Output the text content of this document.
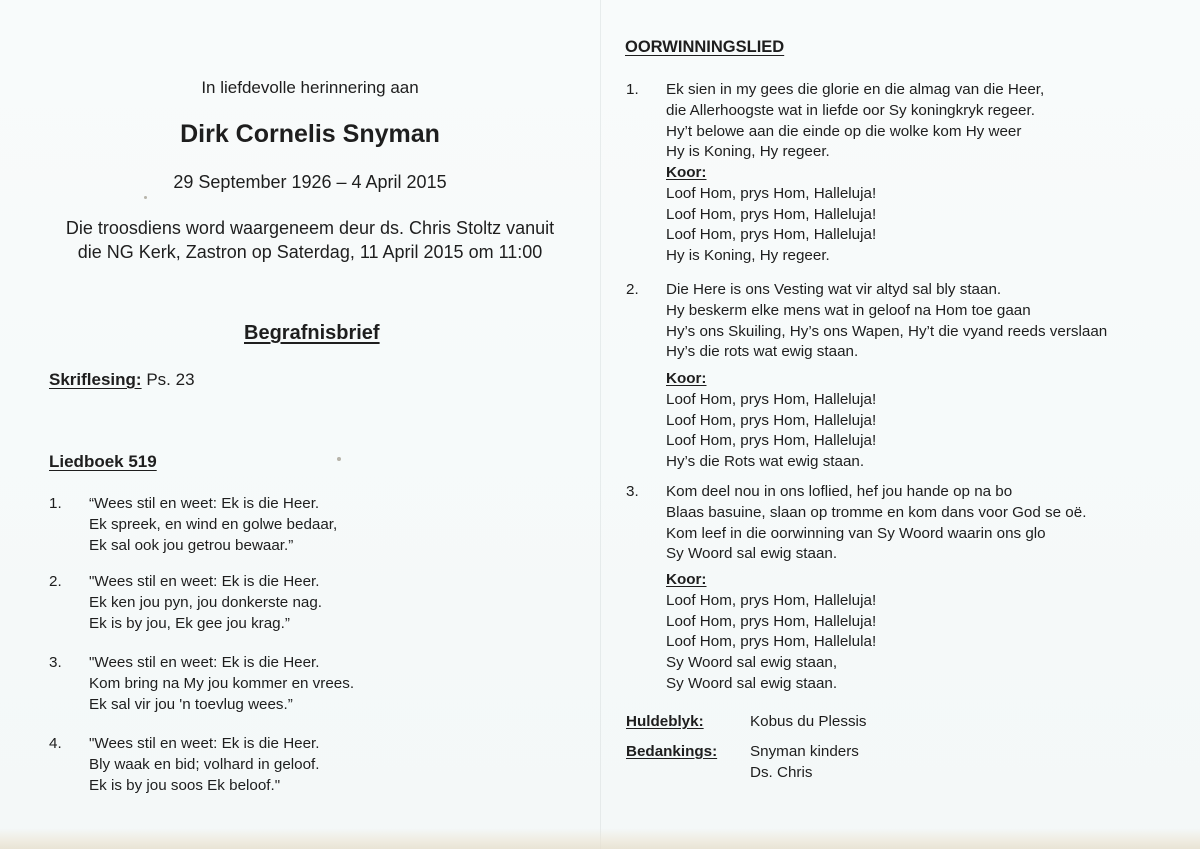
In liefdevolle herinnering aan
Dirk Cornelis Snyman
29 September 1926 – 4 April 2015
Die troosdiens word waargeneem deur ds. Chris Stoltz vanuit
die NG Kerk, Zastron op Saterdag, 11 April 2015 om 11:00
Begrafnisbrief
Skriflesing: Ps. 23
Liedboek 519
1. “Wees stil en weet: Ek is die Heer.
Ek spreek, en wind en golwe bedaar,
Ek sal ook jou getrou bewaar.”
2. "Wees stil en weet: Ek is die Heer.
Ek ken jou pyn, jou donkerste nag.
Ek is by jou, Ek gee jou krag.”
3. "Wees stil en weet: Ek is die Heer.
Kom bring na My jou kommer en vrees.
Ek sal vir jou 'n toevlug wees.”
4. "Wees stil en weet: Ek is die Heer.
Bly waak en bid; volhard in geloof.
Ek is by jou soos Ek beloof."
OORWINNINGSLIED
1. Ek sien in my gees die glorie en die almag van die Heer,
die Allerhoogste wat in liefde oor Sy koningkryk regeer.
Hy’t belowe aan die einde op die wolke kom Hy weer
Hy is Koning, Hy regeer.
Koor:
Loof Hom, prys Hom, Halleluja!
Loof Hom, prys Hom, Halleluja!
Loof Hom, prys Hom, Halleluja!
Hy is Koning, Hy regeer.
2. Die Here is ons Vesting wat vir altyd sal bly staan.
Hy beskerm elke mens wat in geloof na Hom toe gaan
Hy’s ons Skuiling, Hy’s ons Wapen, Hy’t die vyand reeds verslaan
Hy’s die rots wat ewig staan.
Koor:
Loof Hom, prys Hom, Halleluja!
Loof Hom, prys Hom, Halleluja!
Loof Hom, prys Hom, Halleluja!
Hy’s die Rots wat ewig staan.
3. Kom deel nou in ons loflied, hef jou hande op na bo
Blaas basuine, slaan op tromme en kom dans voor God se oë.
Kom leef in die oorwinning van Sy Woord waarin ons glo
Sy Woord sal ewig staan.
Koor:
Loof Hom, prys Hom, Halleluja!
Loof Hom, prys Hom, Halleluja!
Loof Hom, prys Hom, Hallelula!
Sy Woord sal ewig staan,
Sy Woord sal ewig staan.
Huldeblyk:	Kobus du Plessis
Bedankings: Snyman kinders
Ds. Chris
